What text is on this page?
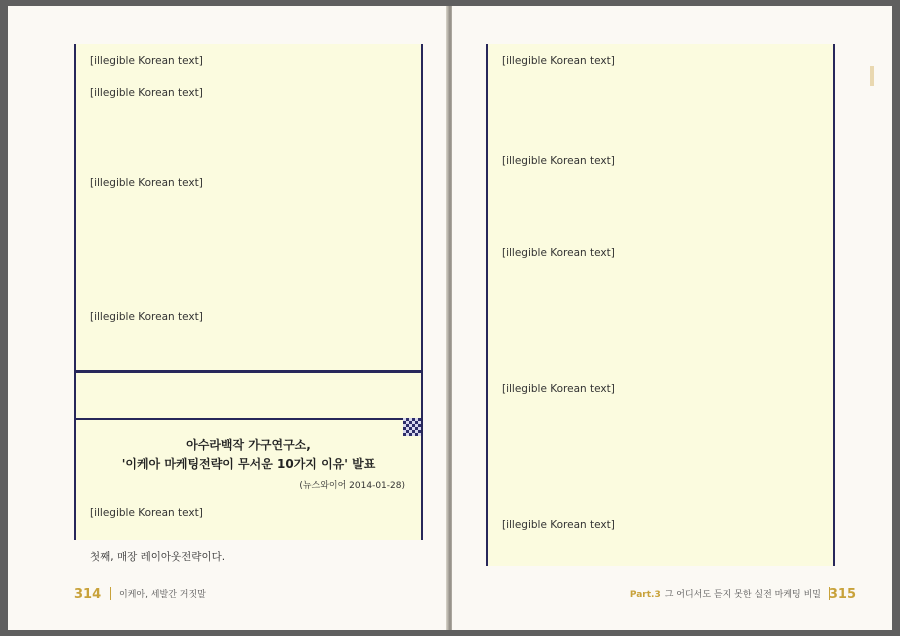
[illegible Korean text]
[illegible Korean text]
[illegible Korean text]
[illegible Korean text]
아수라백작 가구연구소,
'이케아 마케팅전략이 무서운 10가지 이유' 발표
(뉴스와이어 2014-01-28)
[illegible Korean text]
첫째, 매장 레이아웃전략이다.
314	이케아, 세발간 거짓말
[illegible Korean text]
[illegible Korean text]
[illegible Korean text]
[illegible Korean text]
[illegible Korean text]
Part.3 그 어디서도 듣지 못한 실전 마케팅 비밀 315
